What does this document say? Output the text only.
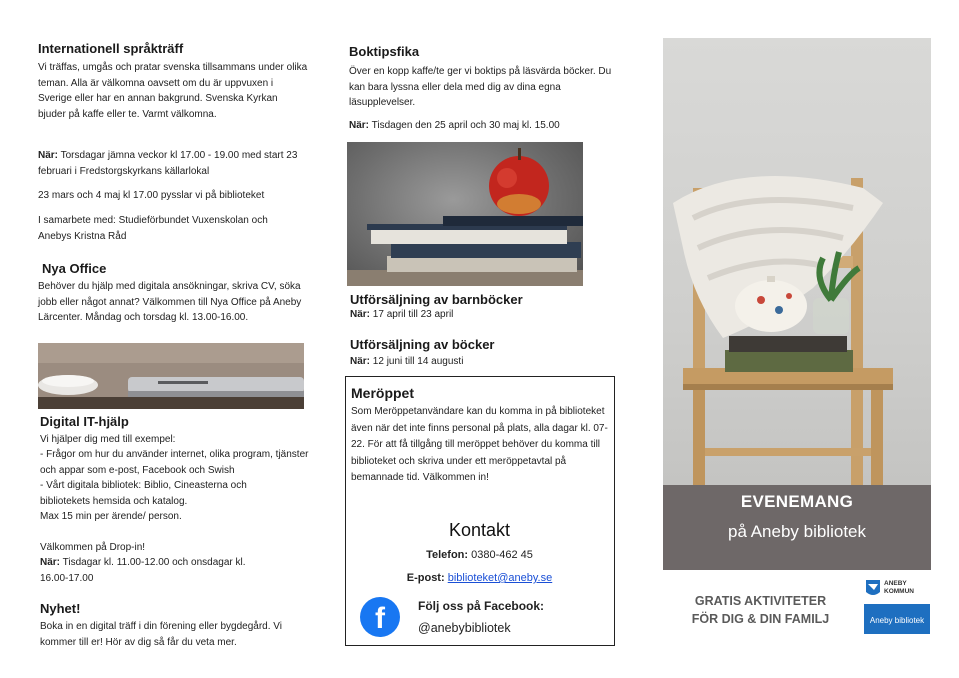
Internationell språkträff

Vi träffas, umgås och pratar svenska tillsammans under olika teman. Alla är välkomna oavsett om du är uppvuxen i Sverige eller har en annan bakgrund. Svenska Kyrkan bjuder på kaffe eller te. Varmt välkomna.

När: Torsdagar jämna veckor kl 17.00 - 19.00 med start 23 februari i Fredstorgskyrkans källarlokal

23 mars och 4 maj kl 17.00 pysslar vi på biblioteket

I samarbete med: Studieförbundet Vuxenskolan och Anebys Kristna Råd

Nya Office

Behöver du hjälp med digitala ansökningar, skriva CV, söka jobb eller något annat? Välkommen till Nya Office på Aneby Lärcenter. Måndag och torsdag kl. 13.00-16.00.

Digital IT-hjälp

Vi hjälper dig med till exempel:

- Frågor om hur du använder internet, olika program, tjänster och appar som e-post, Facebook och Swish

- Vårt digitala bibliotek: Biblio, Cineasterna och bibliotekets hemsida och katalog.

Max 15 min per ärende/ person.

Välkommen på Drop-in!

När: Tisdagar kl. 11.00-12.00 och onsdagar kl. 16.00-17.00

Nyhet!

Boka in en digital träff i din förening eller bygdegård. Vi kommer till er! Hör av dig så får du veta mer.

Boktipsfika

Över en kopp kaffe/te ger vi boktips på läsvärda böcker. Du kan bara lyssna eller dela med dig av dina egna läsupplevelser.

När: Tisdagen den 25 april och 30 maj kl. 15.00

Utförsäljning av barnböcker

När: 17 april till 23 april

Utförsäljning av böcker

När: 12 juni till 14 augusti

Meröppet

Som Meröppetanvändare kan du komma in på biblioteket även när det inte finns personal på plats, alla dagar kl. 07-22. För att få tillgång till meröppet behöver du komma till biblioteket och skriva under ett meröppetavtal på bemannade tid. Välkommen in!

Kontakt
Telefon: 0380-462 45
E-post: biblioteket@aneby.se
f	Följ oss på Facebook:
@anebybibliotek
EVENEMANG
på Aneby bibliotek
GRATIS AKTIVITETER
FÖR DIG & DIN FAMILJ
ANEBY
KOMMUN
Aneby bibliotek
